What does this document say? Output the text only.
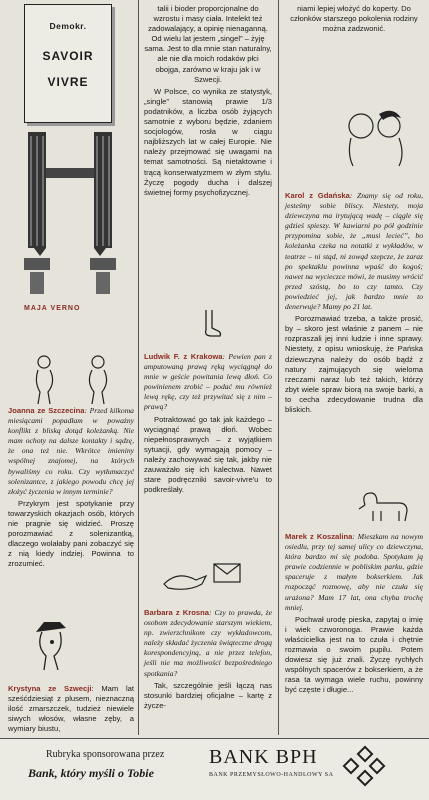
Demokr.
SAVOIR
VIVRE
MAJA VERNO

Joanna ze Szczecina: Przed kilkoma miesiącami popadłam w poważny konflikt z bliską dotąd koleżanką. Nie mam ochoty na dalsze kontakty i sądzę, że ona też nie. Wkrótce imieniny wspólnej znajomej, na których bywaliśmy co roku. Czy wytłumaczyć solenizantce, z jakiego powodu chcę jej złożyć życzenia w innym terminie?

Przykrym jest spotykanie przy towarzyskich okazjach osób, których nie pragnie się widzieć. Proszę porozmawiać z solenizantką, dlaczego wolałaby pani zobaczyć się z nią kiedy indziej. Powinna to zrozumieć.

Krystyna ze Szwecji: Mam lat sześćdziesiąt z plusem, nieznaczną ilość zmarszczek, tudzież niewiele siwych włosów, własne zęby, a wymiary biustu,

talii i bioder proporcjonalne do wzrostu i masy ciała. Intelekt też zadowalający, a opinię nienaganną. Od wielu lat jestem „singel” – żyję sama. Jest to dla mnie stan naturalny, ale nie dla moich rodaków płci obojga, zarówno w kraju jak i w Szwecji.

W Polsce, co wynika ze statystyk, „single” stanowią prawie 1/3 podatników, a liczba osób żyjących samotnie z wyboru będzie, zdaniem socjologów, rosła w ciągu najbliższych lat w całej Europie. Nie należy przejmować się uwagami na temat samotności. Są nietaktowne i trącą konserwatyzmem w złym stylu. Życzę pogody ducha i dalszej świetnej formy psychofizycznej.

Ludwik F. z Krakowa: Pewien pan z amputowaną prawą ręką wyciągnął do mnie w geście powitania lewą dłoń. Co powinienem zrobić – podać mu również lewą rękę, czy też przywitać się z nim – prawą?

Potraktować go tak jak każdego – wyciągnąć prawą dłoń. Wobec niepełnosprawnych – z wyjątkiem sytuacji, gdy wymagają pomocy – należy zachowywać się tak, jakby nie zauważało się ich kalectwa. Nawet stare podręczniki savoir-vivre'u to podkreślały.

Barbara z Krosna: Czy to prawda, że osobom zdecydowanie starszym wiekiem, np. zwierzchnikom czy wykładowcom, należy składać życzenia świąteczne drogą korespondencyjną, a nie przez telefon, jeśli nie ma możliwości bezpośredniego spotkania?

Tak, szczególnie jeśli łączą nas stosunki bardziej oficjalne – kartę z życze-

niami lepiej włożyć do koperty. Do członków starszego pokolenia rodziny można zadzwonić.

Karol z Gdańska: Znamy się od roku, jesteśmy sobie bliscy. Niestety, moja dziewczyna ma irytującą wadę – ciągle się gdzieś spieszy. W kawiarni po pół godzinie przypomina sobie, że „musi lecieć”, bo koleżanka czeka na notatki z wykładów, w teatrze – ni stąd, ni zowąd szepcze, że zaraz po spektaklu powinna wpaść do kogoś; nawet na wycieczce mówi, że musimy wrócić przed szóstą, bo to czy tamto. Czy powiedzieć jej, jak bardzo mnie to denerwuje? Mamy po 21 lat.

Porozmawiać trzeba, a także prosić, by – skoro jest właśnie z panem – nie rozpraszali jej inni ludzie i inne sprawy. Niestety, z opisu wnioskuję, że Pańska dziewczyna należy do osób bądź z natury zajmujących się wieloma rzeczami naraz lub też takich, którzy zbyt wiele spraw biorą na swoje barki, a to cecha zdecydowanie trudna dla bliskich.

Marek z Koszalina: Mieszkam na nowym osiedlu, przy tej samej ulicy co dziewczyna, która bardzo mi się podoba. Spotykam ją prawie codziennie w pobliskim parku, gdzie spaceruje z małym bokserkiem. Jak rozpocząć rozmowę, aby nie czuła się urażona? Mam 17 lat, ona chyba trochę mniej.

Pochwał urodę pieska, zapytaj o imię i wiek czworonoga. Prawie każda właścicielka jest na to czuła i chętnie rozmawia o swoim pupilu. Potem dowiesz się już znali. Życzę rychłych wspólnych spacerów z bokserkiem, a że rasa ta wymaga wiele ruchu, powinny być częste i długie...

Rubryka sponsorowana przez
Bank, który myśli o Tobie
BANK BPH
BANK PRZEMYSŁOWO-HANDLOWY SA
